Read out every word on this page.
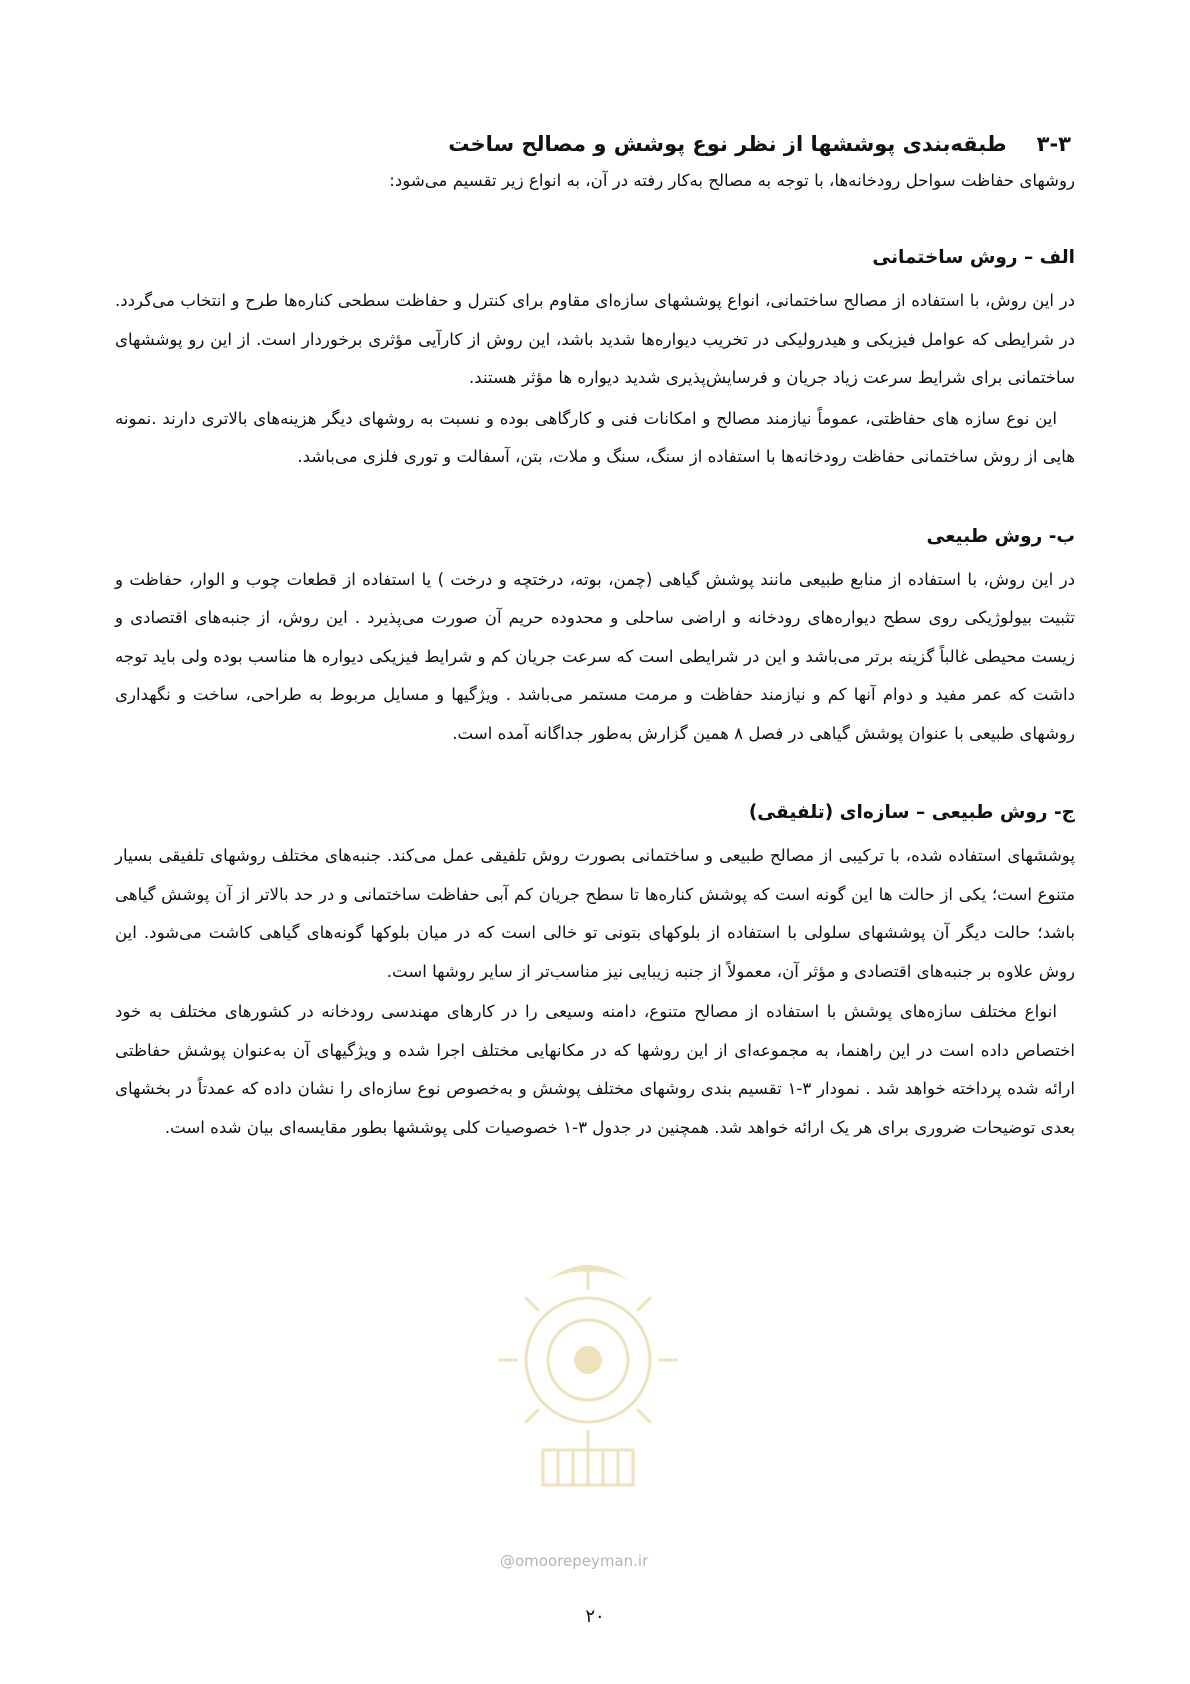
۳-۳
طبقه‌بندی پوششها از نظر نوع پوشش و مصالح ساخت

روشهای حفاظت سواحل رودخانه‌ها، با توجه به مصالح به‌کار رفته در آن، به انواع زیر تقسیم می‌شود:

الف – روش ساختمانی

در این روش، با استفاده از مصالح ساختمانی، انواع پوششهای سازه‌ای مقاوم برای کنترل و حفاظت سطحی کناره‌ها طرح و انتخاب می‌گردد. در شرایطی که عوامل فیزیکی و هیدرولیکی در تخریب دیواره‌ها شدید باشد، این روش از کارآیی مؤثری برخوردار است. از این رو پوششهای ساختمانی برای شرایط سرعت زیاد جریان و فرسایش‌پذیری شدید دیواره ها مؤثر هستند.

این نوع سازه های حفاظتی، عموماً نیازمند مصالح و امکانات فنی و کارگاهی بوده و نسبت به روشهای دیگر هزینه‌های بالاتری دارند .نمونه هایی از روش ساختمانی حفاظت رودخانه‌ها با استفاده از سنگ، سنگ و ملات، بتن، آسفالت و توری فلزی می‌باشد.

ب- روش طبیعی

در این روش، با استفاده از منابع طبیعی مانند پوشش گیاهی (چمن، بوته، درختچه و درخت ) یا استفاده از قطعات چوب و الوار، حفاظت و تثبیت بیولوژیکی روی سطح دیواره‌های رودخانه و اراضی ساحلی و محدوده حریم آن صورت می‌پذیرد . این روش، از جنبه‌های اقتصادی و زیست محیطی غالباً گزینه برتر می‌باشد و این در شرایطی است که سرعت جریان کم و شرایط فیزیکی دیواره ها مناسب بوده ولی باید توجه داشت که عمر مفید و دوام آنها کم و نیازمند حفاظت و مرمت مستمر می‌باشد . ویژگیها و مسایل مربوط به طراحی، ساخت و نگهداری روشهای طبیعی با عنوان پوشش گیاهی در فصل ۸ همین گزارش به‌طور جداگانه آمده است.

ج- روش طبیعی – سازه‌ای (تلفیقی)

پوششهای استفاده شده، با ترکیبی از مصالح طبیعی و ساختمانی بصورت روش تلفیقی عمل می‌کند. جنبه‌های مختلف روشهای تلفیقی بسیار متنوع است؛ یکی از حالت ها این گونه است که پوشش کناره‌ها تا سطح جریان کم آبی حفاظت ساختمانی و در حد بالاتر از آن پوشش گیاهی باشد؛ حالت دیگر آن پوششهای سلولی با استفاده از بلوکهای بتونی تو خالی است که در میان بلوکها گونه‌های گیاهی کاشت می‌شود. این روش علاوه بر جنبه‌های اقتصادی و مؤثر آن، معمولاً از جنبه زیبایی نیز مناسب‌تر از سایر روشها است.

انواع مختلف سازه‌های پوشش با استفاده از مصالح متنوع، دامنه وسیعی را در کارهای مهندسی رودخانه در کشورهای مختلف به خود اختصاص داده است در این راهنما، به مجموعه‌ای از این روشها که در مکانهایی مختلف اجرا شده و ویژگیهای آن به‌عنوان پوشش حفاظتی ارائه شده پرداخته خواهد شد . نمودار ۳-۱ تقسیم بندی روشهای مختلف پوشش و به‌خصوص نوع سازه‌ای را نشان داده که عمدتاً در بخشهای بعدی توضیحات ضروری برای هر یک ارائه خواهد شد. همچنین در جدول ۳-۱ خصوصیات کلی پوششها بطور مقایسه‌ای بیان شده است.

@omoorepeyman.ir
۲۰
